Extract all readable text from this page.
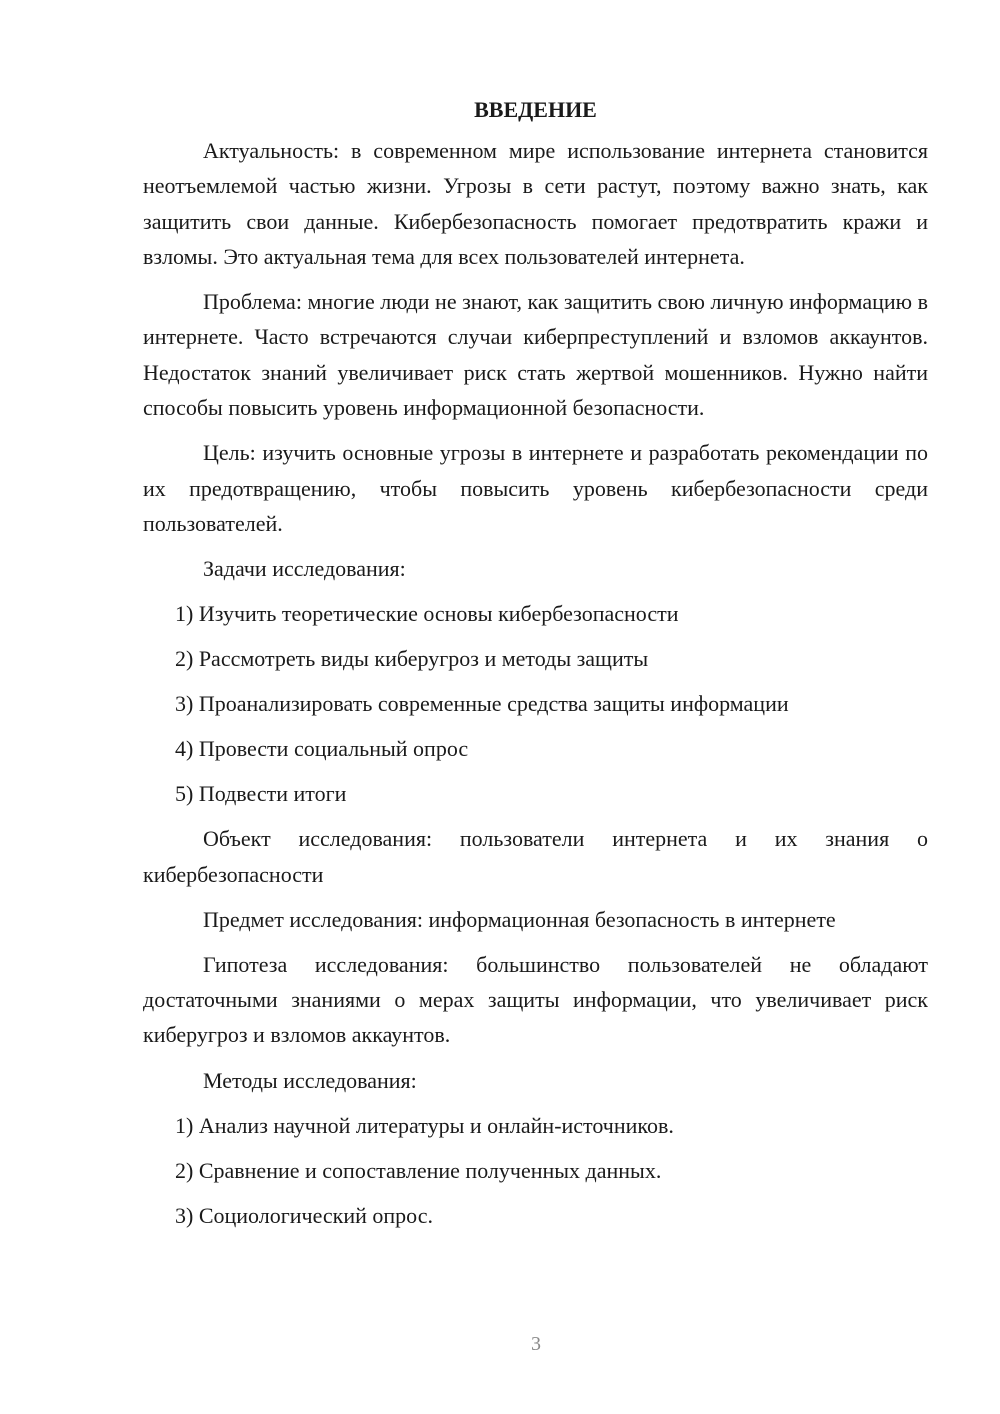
ВВЕДЕНИЕ

Актуальность: в современном мире использование интернета становится неотъемлемой частью жизни. Угрозы в сети растут, поэтому важно знать, как защитить свои данные. Кибербезопасность помогает предотвратить кражи и взломы. Это актуальная тема для всех пользователей интернета.

Проблема: многие люди не знают, как защитить свою личную информацию в интернете. Часто встречаются случаи киберпреступлений и взломов аккаунтов. Недостаток знаний увеличивает риск стать жертвой мошенников. Нужно найти способы повысить уровень информационной безопасности.

Цель: изучить основные угрозы в интернете и разработать рекомендации по их предотвращению, чтобы повысить уровень кибербезопасности среди пользователей.

Задачи исследования:

1) Изучить теоретические основы кибербезопасности

2) Рассмотреть виды киберугроз и методы защиты

3) Проанализировать современные средства защиты информации

4) Провести социальный опрос

5) Подвести итоги

Объект исследования: пользователи интернета и их знания о кибербезопасности

Предмет исследования: информационная безопасность в интернете

Гипотеза исследования: большинство пользователей не обладают достаточными знаниями о мерах защиты информации, что увеличивает риск киберугроз и взломов аккаунтов.

Методы исследования:

1) Анализ научной литературы и онлайн-источников.

2) Сравнение и сопоставление полученных данных.

3) Социологический опрос.

3
